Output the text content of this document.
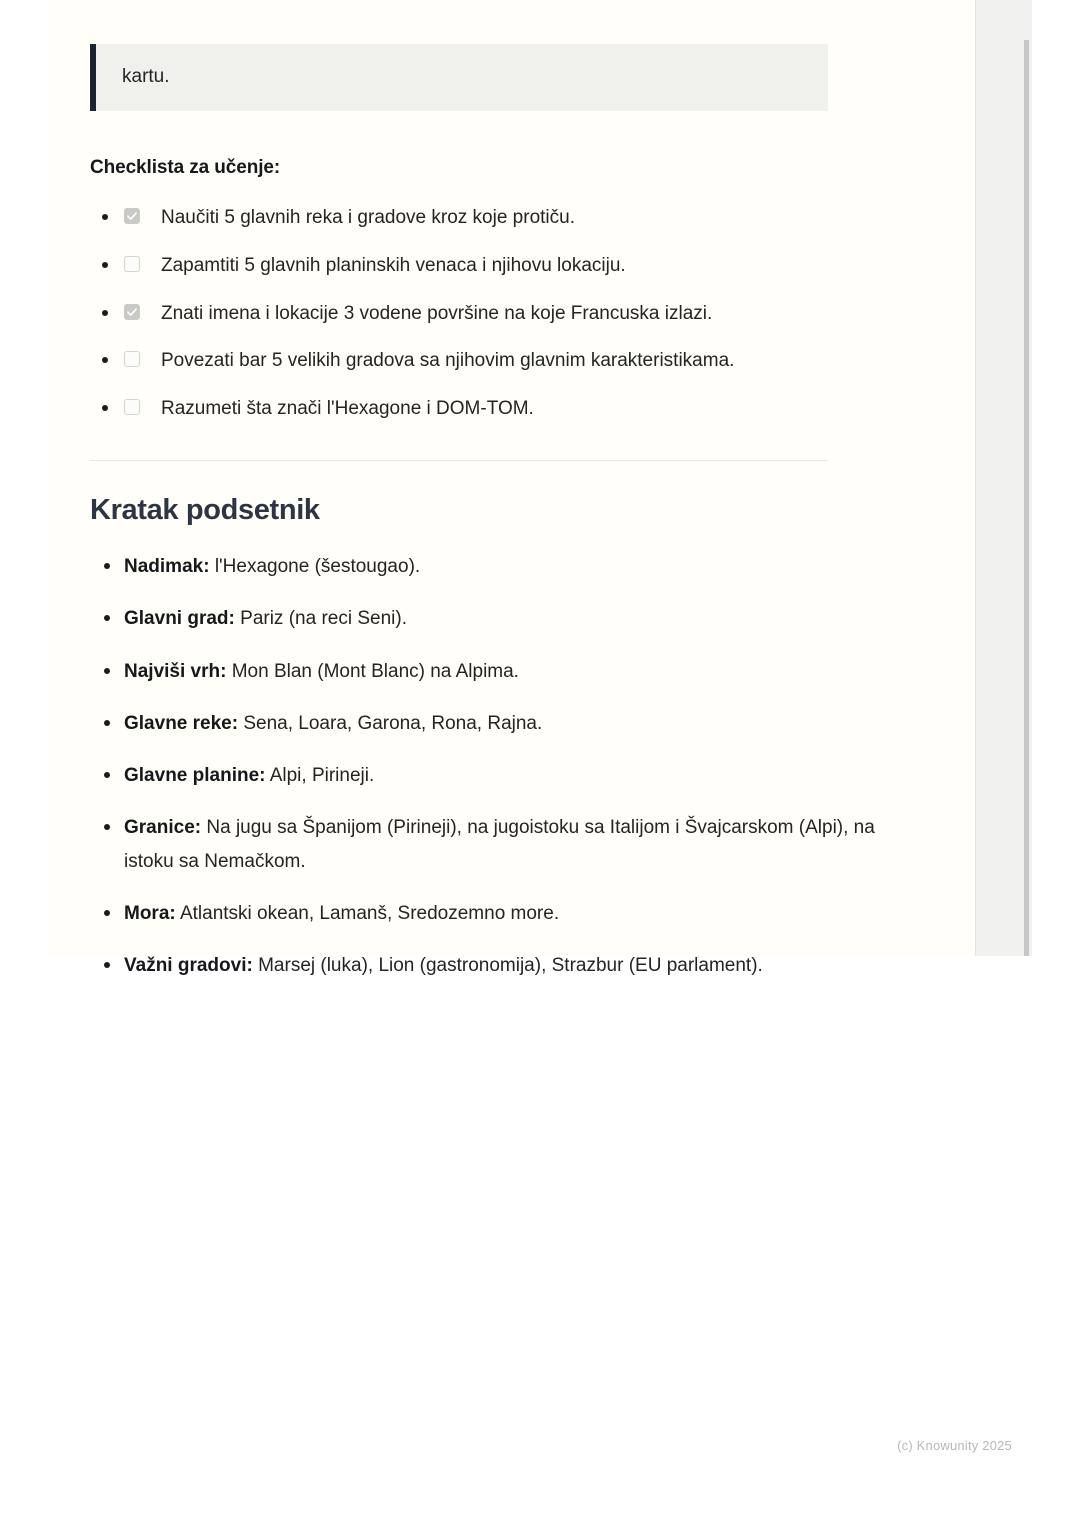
kartu.

Checklista za učenje:

Naučiti 5 glavnih reka i gradove kroz koje protiču.
Zapamtiti 5 glavnih planinskih venaca i njihovu lokaciju.
Znati imena i lokacije 3 vodene površine na koje Francuska izlazi.
Povezati bar 5 velikih gradova sa njihovim glavnim karakteristikama.
Razumeti šta znači l'Hexagone i DOM-TOM.
Kratak podsetnik
Nadimak: l'Hexagone (šestougao).
Glavni grad: Pariz (na reci Seni).
Najviši vrh: Mon Blan (Mont Blanc) na Alpima.
Glavne reke: Sena, Loara, Garona, Rona, Rajna.
Glavne planine: Alpi, Pirineji.
Granice: Na jugu sa Španijom (Pirineji), na jugoistoku sa Italijom i Švajcarskom (Alpi), na istoku sa Nemačkom.
Mora: Atlantski okean, Lamanš, Sredozemno more.
Važni gradovi: Marsej (luka), Lion (gastronomija), Strazbur (EU parlament).
(c) Knowunity 2025
